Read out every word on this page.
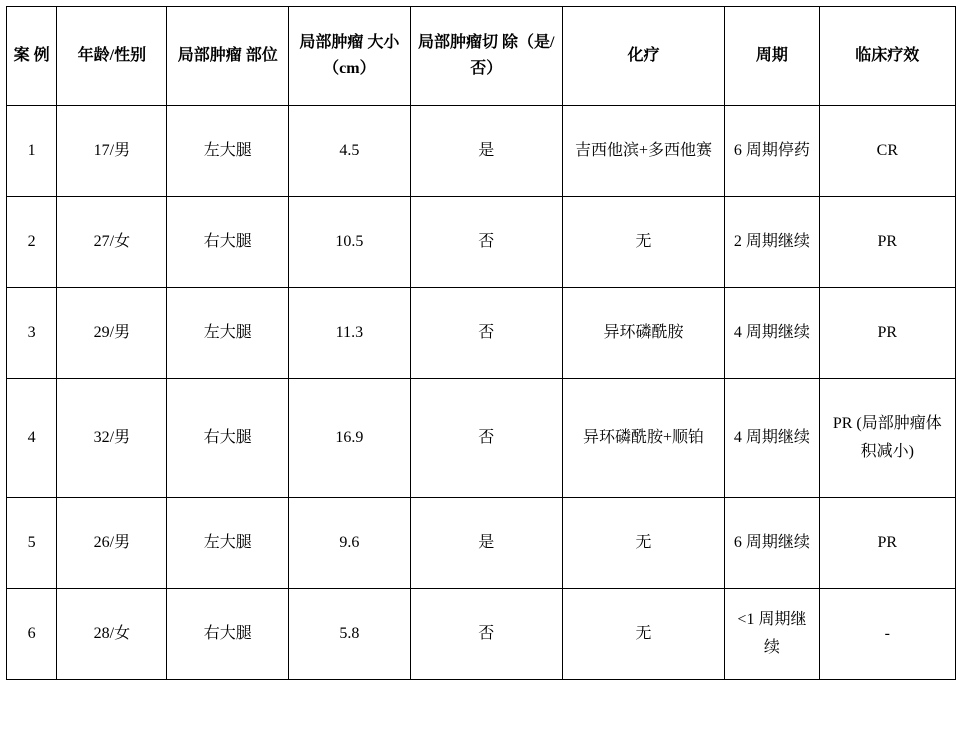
案 例	年龄/性别	局部肿瘤 部位	局部肿瘤 大小（cm）	局部肿瘤切 除（是/否）	化疗	周期	临床疗效
1	17/男	左大腿	4.5	是	吉西他滨+多西他赛	6 周期停药	CR
2	27/女	右大腿	10.5	否	无	2 周期继续	PR
3	29/男	左大腿	11.3	否	异环磷酰胺	4 周期继续	PR
4	32/男	右大腿	16.9	否	异环磷酰胺+顺铂	4 周期继续	PR (局部肿瘤体积减小)
5	26/男	左大腿	9.6	是	无	6 周期继续	PR
6	28/女	右大腿	5.8	否	无	<1 周期继续	-
